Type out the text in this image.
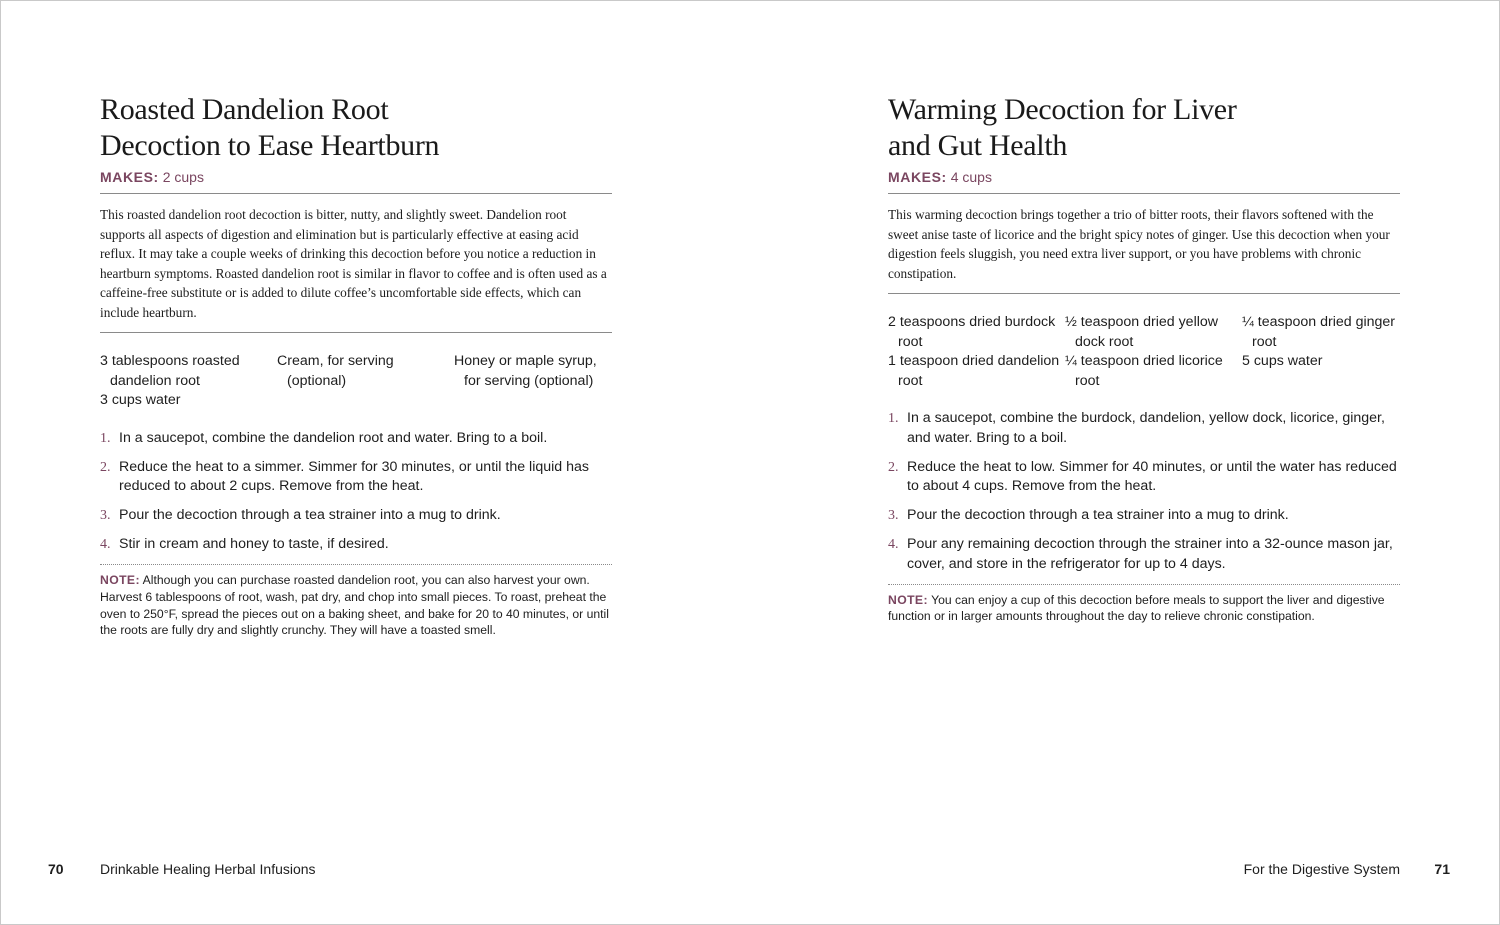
Roasted Dandelion Root
Decoction to Ease Heartburn
MAKES: 2 cups

This roasted dandelion root decoction is bitter, nutty, and slightly sweet. Dandelion root supports all aspects of digestion and elimination but is particularly effective at easing acid reflux. It may take a couple weeks of drinking this decoction before you notice a reduction in heartburn symptoms. Roasted dandelion root is similar in flavor to coffee and is often used as a caffeine-free substitute or is added to dilute coffee’s uncomfortable side effects, which can include heartburn.

3 tablespoons roasted dandelion root
3 cups water
Cream, for serving (optional)
Honey or maple syrup, for serving (optional)
1. In a saucepot, combine the dandelion root and water. Bring to a boil.
2. Reduce the heat to a simmer. Simmer for 30 minutes, or until the liquid has reduced to about 2 cups. Remove from the heat.
3. Pour the decoction through a tea strainer into a mug to drink.
4. Stir in cream and honey to taste, if desired.
NOTE: Although you can purchase roasted dandelion root, you can also harvest your own. Harvest 6 tablespoons of root, wash, pat dry, and chop into small pieces. To roast, preheat the oven to 250°F, spread the pieces out on a baking sheet, and bake for 20 to 40 minutes, or until the roots are fully dry and slightly crunchy. They will have a toasted smell.
Warming Decoction for Liver
and Gut Health
MAKES: 4 cups

This warming decoction brings together a trio of bitter roots, their flavors softened with the sweet anise taste of licorice and the bright spicy notes of ginger. Use this decoction when your digestion feels sluggish, you need extra liver support, or you have problems with chronic constipation.

2 teaspoons dried burdock root
1 teaspoon dried dandelion root
½ teaspoon dried yellow dock root
¼ teaspoon dried licorice root
¼ teaspoon dried ginger root
5 cups water
1. In a saucepot, combine the burdock, dandelion, yellow dock, licorice, ginger, and water. Bring to a boil.
2. Reduce the heat to low. Simmer for 40 minutes, or until the water has reduced to about 4 cups. Remove from the heat.
3. Pour the decoction through a tea strainer into a mug to drink.
4. Pour any remaining decoction through the strainer into a 32-ounce mason jar, cover, and store in the refrigerator for up to 4 days.
NOTE: You can enjoy a cup of this decoction before meals to support the liver and digestive function or in larger amounts throughout the day to relieve chronic constipation.
70	Drinkable Healing Herbal Infusions	For the Digestive System 71
